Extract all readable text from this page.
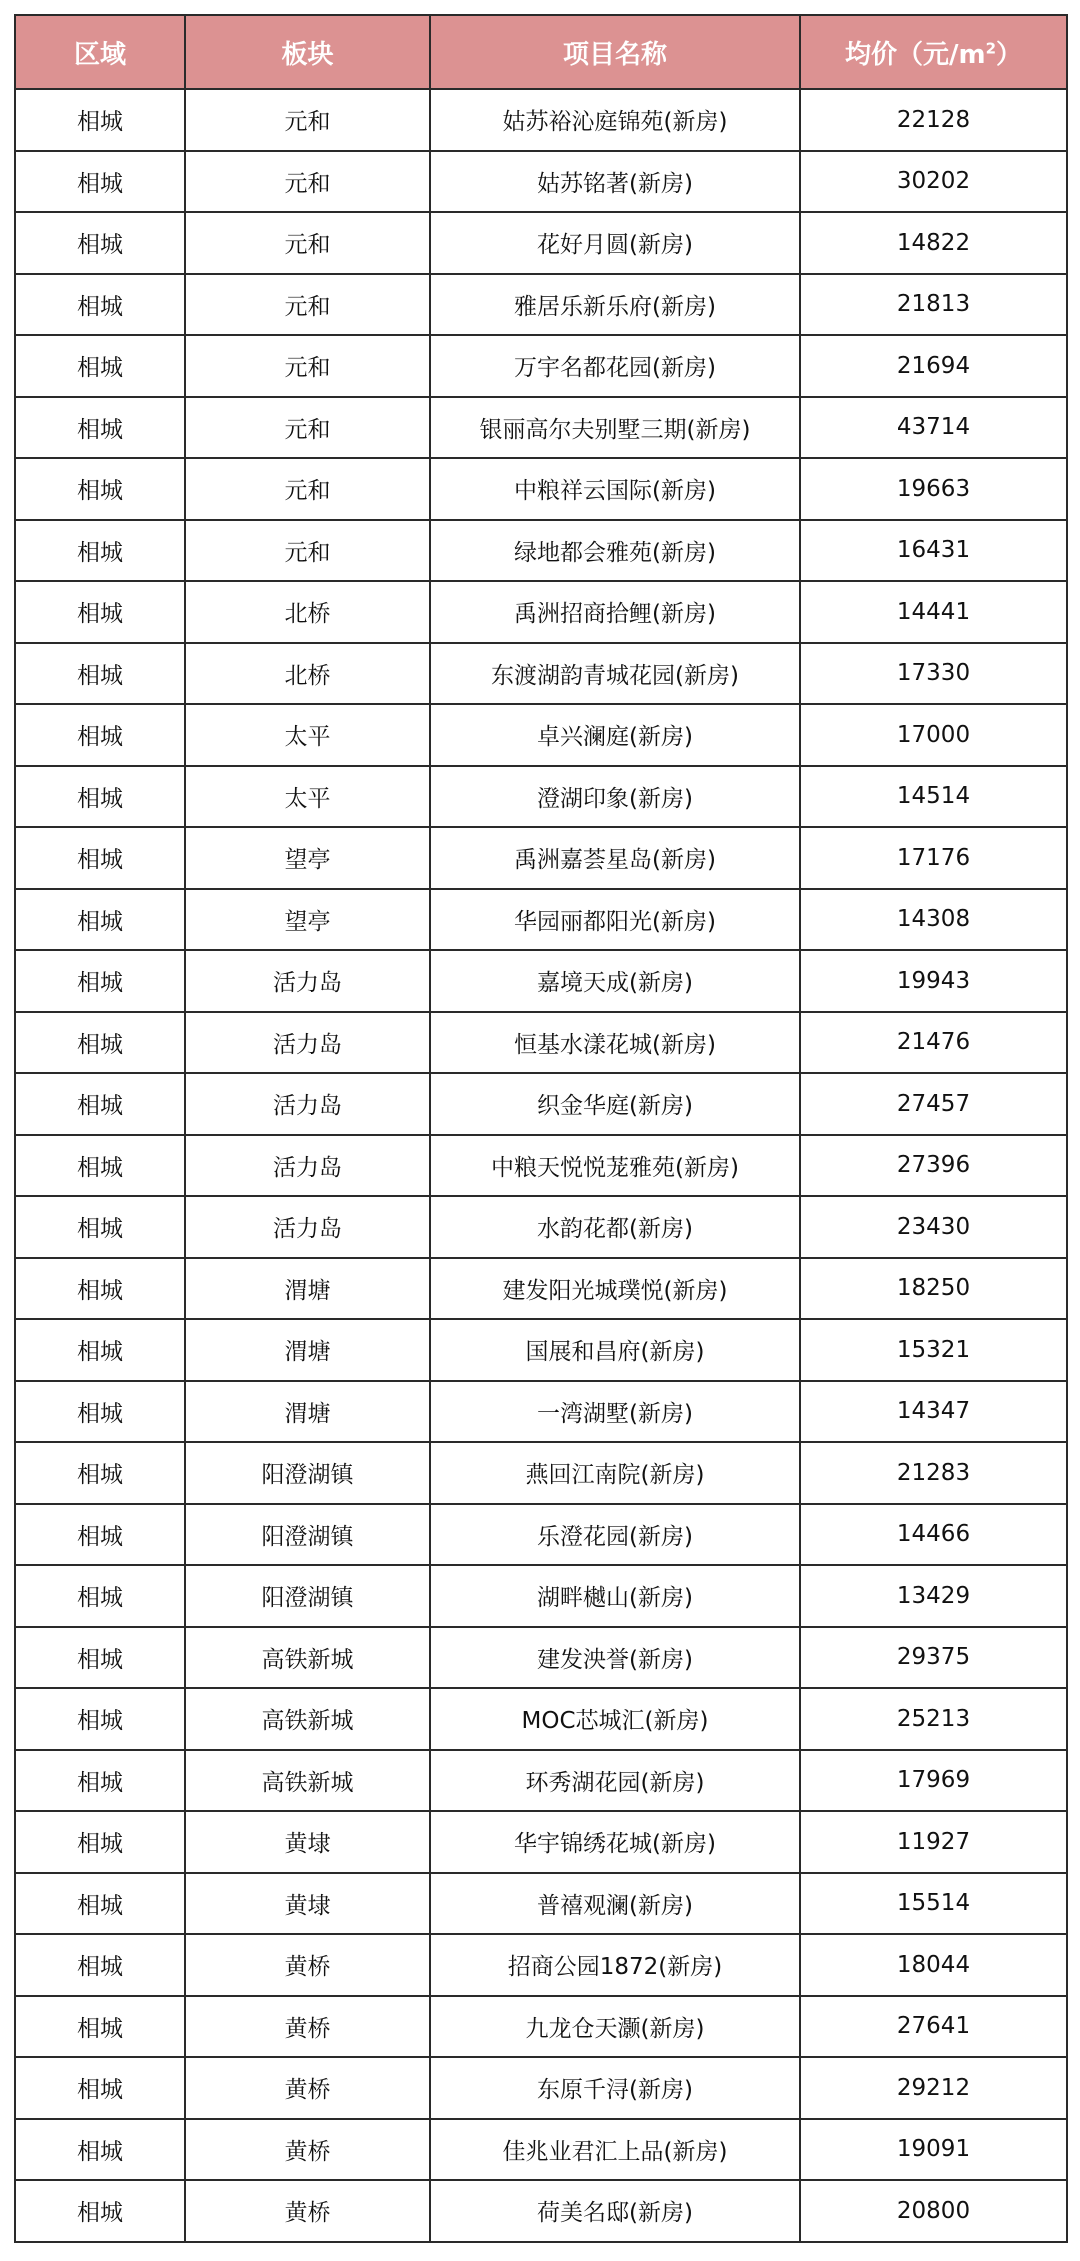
区域	板块	项目名称	均价（元$/m^2$）
相城	元和	姑苏裕沁庭锦苑(新房)	22128
相城	元和	姑苏铭著(新房)	30202
相城	元和	花好月圆(新房)	14822
相城	元和	雅居乐新乐府(新房)	21813
相城	元和	万宇名都花园(新房)	21694
相城	元和	银丽高尔夫别墅三期(新房)	43714
相城	元和	中粮祥云国际(新房)	19663
相城	元和	绿地都会雅苑(新房)	16431
相城	北桥	禹洲招商拾鲤(新房)	14441
相城	北桥	东渡湖韵青城花园(新房)	17330
相城	太平	卓兴澜庭(新房)	17000
相城	太平	澄湖印象(新房)	14514
相城	望亭	禹洲嘉荟星岛(新房)	17176
相城	望亭	华园丽都阳光(新房)	14308
相城	活力岛	嘉境天成(新房)	19943
相城	活力岛	恒基水漾花城(新房)	21476
相城	活力岛	织金华庭(新房)	27457
相城	活力岛	中粮天悦悦茏雅苑(新房)	27396
相城	活力岛	水韵花都(新房)	23430
相城	渭塘	建发阳光城璞悦(新房)	18250
相城	渭塘	国展和昌府(新房)	15321
相城	渭塘	一湾湖墅(新房)	14347
相城	阳澄湖镇	燕回江南院(新房)	21283
相城	阳澄湖镇	乐澄花园(新房)	14466
相城	阳澄湖镇	湖畔樾山(新房)	13429
相城	高铁新城	建发泱誉(新房)	29375
相城	高铁新城	MOC芯城汇(新房)	25213
相城	高铁新城	环秀湖花园(新房)	17969
相城	黄埭	华宇锦绣花城(新房)	11927
相城	黄埭	普禧观澜(新房)	15514
相城	黄桥	招商公园1872(新房)	18044
相城	黄桥	九龙仓天灏(新房)	27641
相城	黄桥	东原千浔(新房)	29212
相城	黄桥	佳兆业君汇上品(新房)	19091
相城	黄桥	荷美名邸(新房)	20800
